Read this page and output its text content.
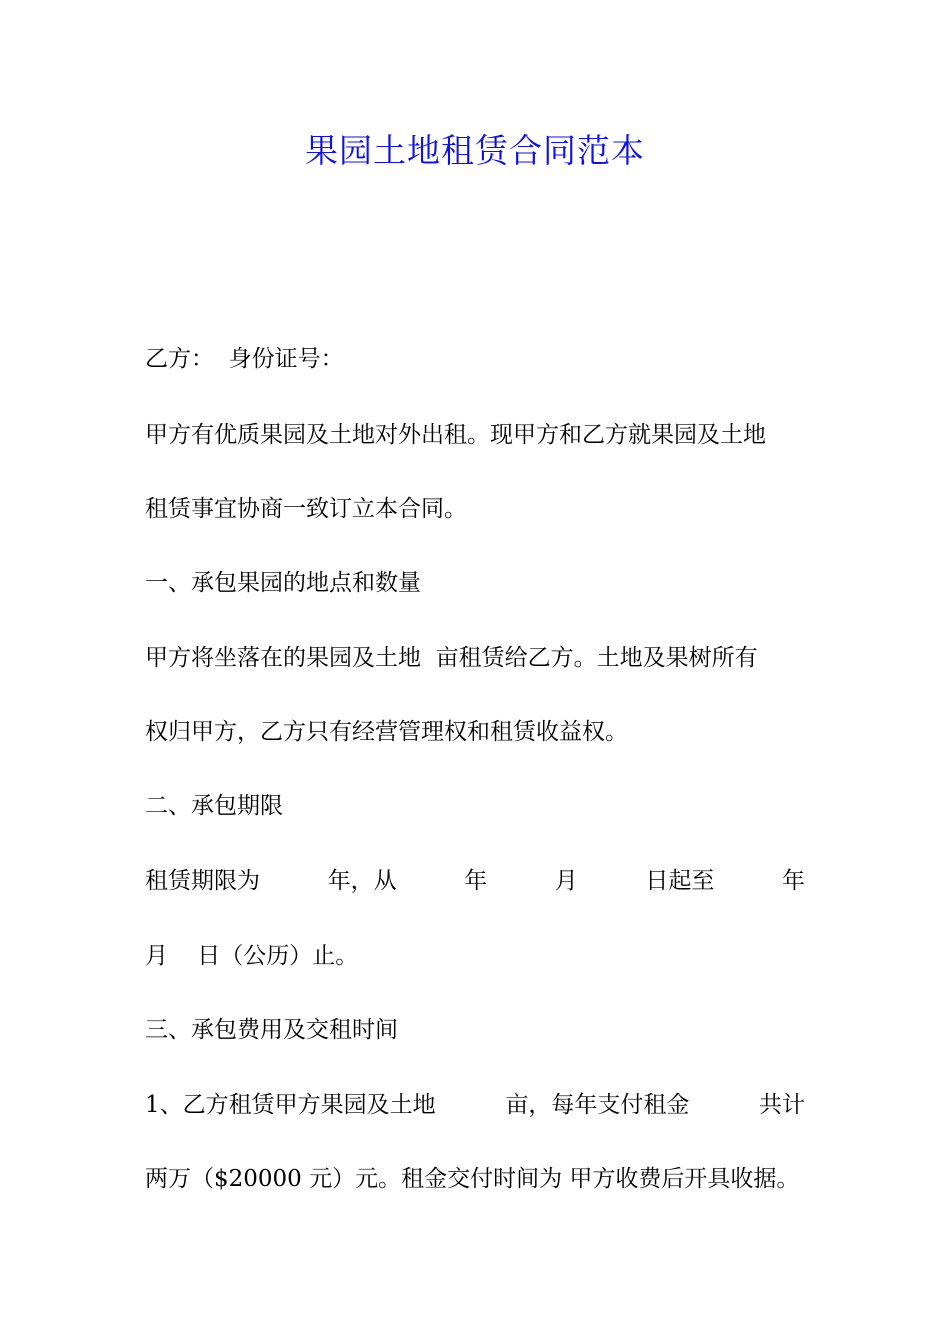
果园土地租赁合同范本
乙方：  身份证号：
甲方有优质果园及土地对外出租。现甲方和乙方就果园及土地
租赁事宜协商一致订立本合同。
一、承包果园的地点和数量
甲方将坐落在的果园及土地  亩租赁给乙方。土地及果树所有
权归甲方，乙方只有经营管理权和租赁收益权。
二、承包期限
租赁期限为	年，从	年	月	日起至	年
月    日（公历）止。
三、承包费用及交租时间
1、乙方租赁甲方果园及土地	亩，每年支付租金	共计
两万（$20000 元）元。租金交付时间为 甲方收费后开具收据。
